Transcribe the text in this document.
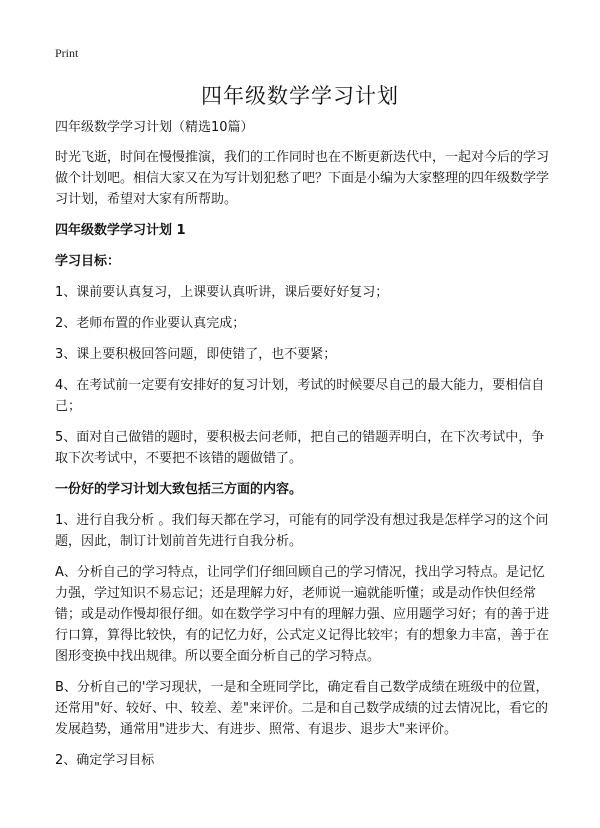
Print
四年级数学学习计划

四年级数学学习计划（精选10篇）

时光飞逝，时间在慢慢推演，我们的工作同时也在不断更新迭代中，一起对今后的学习做个计划吧。相信大家又在为写计划犯愁了吧？下面是小编为大家整理的四年级数学学习计划，希望对大家有所帮助。

四年级数学学习计划 1

学习目标：

1、课前要认真复习，上课要认真听讲，课后要好好复习；

2、老师布置的作业要认真完成；

3、课上要积极回答问题，即使错了，也不要紧；

4、在考试前一定要有安排好的复习计划，考试的时候要尽自己的最大能力，要相信自己；

5、面对自己做错的题时，要积极去问老师，把自己的错题弄明白，在下次考试中，争取下次考试中，不要把不该错的题做错了。

一份好的学习计划大致包括三方面的内容。

1、进行自我分析 。我们每天都在学习，可能有的同学没有想过我是怎样学习的这个问题，因此，制订计划前首先进行自我分析。

A、分析自己的学习特点，让同学们仔细回顾自己的学习情况，找出学习特点。是记忆力强，学过知识不易忘记；还是理解力好，老师说一遍就能听懂；或是动作快但经常错；或是动作慢却很仔细。如在数学学习中有的理解力强、应用题学习好；有的善于进行口算，算得比较快，有的记忆力好，公式定义记得比较牢；有的想象力丰富，善于在图形变换中找出规律。所以要全面分析自己的学习特点。

B、分析自己的'学习现状，一是和全班同学比，确定看自己数学成绩在班级中的位置，还常用"好、较好、中、较差、差"来评价。二是和自己数学成绩的过去情况比，看它的发展趋势，通常用"进步大、有进步、照常、有退步、退步大"来评价。

2、确定学习目标
